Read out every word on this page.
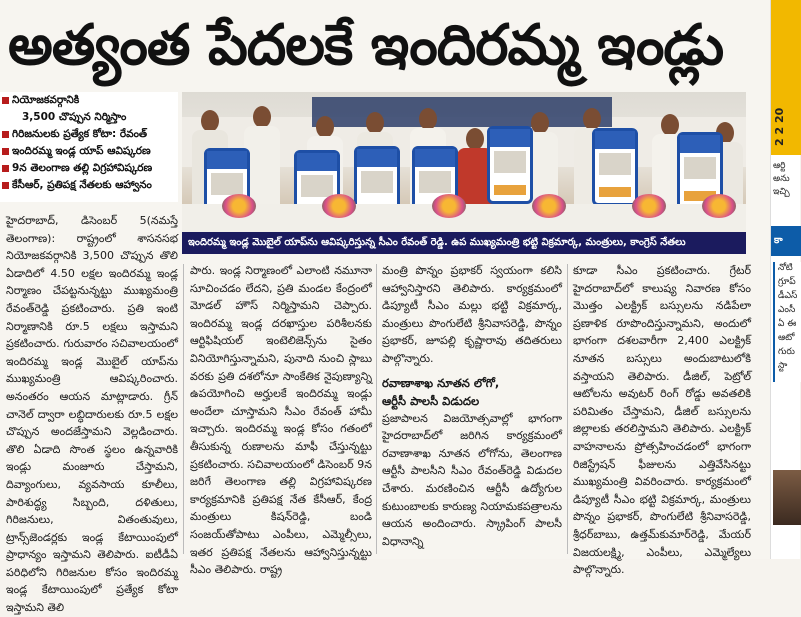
అత్యంత పేదలకే ఇందిరమ్మ ఇండ్లు
నియోజకవర్గానికి
3,500 చొప్పున నిర్మిస్తాం
గిరిజనులకు ప్రత్యేక కోటా: రేవంత్
ఇందిరమ్మ ఇండ్ల యాప్ ఆవిష్కరణ
9న తెలంగాణ తల్లి విగ్రహావిష్కరణ
కేసీఆర్, ప్రతిపక్ష నేతలకు ఆహ్వానం
ఇందిరమ్మ ఇండ్ల మొబైల్ యాప్‌ను ఆవిష్కరిస్తున్న సీఎం రేవంత్ రెడ్డి. ఉప ముఖ్యమంత్రి భట్టి విక్రమార్క, మంత్రులు, కాంగ్రెస్ నేతలు

హైదరాబాద్, డిసెంబర్ 5(నమస్తే తెలంగాణ): రాష్ట్రంలో శాసనసభ నియోజకవర్గానికి 3,500 చొప్పున తొలి ఏడాదిలో 4.50 లక్షల ఇందిరమ్మ ఇండ్ల నిర్మాణం చేపట్టనున్నట్టు ముఖ్యమంత్రి రేవంత్‌రెడ్డి ప్రకటించారు. ప్రతి ఇంటి నిర్మాణానికి రూ.5 లక్షలు ఇస్తామని ప్రకటించారు. గురువారం సచివాలయంలో ఇందిరమ్మ ఇండ్ల మొబైల్ యాప్‌ను ముఖ్యమంత్రి ఆవిష్కరించారు. అనంతరం ఆయన మాట్లాడారు. గ్రీన్ చానెల్ ద్వారా లబ్ధిదారులకు రూ.5 లక్షల చొప్పున అందజేస్తామని వెల్లడించారు. తొలి ఏడాది సొంత స్థలం ఉన్నవారికి ఇండ్లు మంజూరు చేస్తామని, దివ్యాంగులు, వ్యవసాయ కూలీలు, పారిశుద్ధ్య సిబ్బంది, దళితులు, గిరిజనులు, వితంతువులు, ట్రాన్స్‌జెండర్లకు ఇండ్ల కేటాయింపులో ప్రాధాన్యం ఇస్తామని తెలిపారు. ఐటీడీఏ పరిధిలోని గిరిజనుల కోసం ఇందిరమ్మ ఇండ్ల కేటాయింపులో ప్రత్యేక కోటా ఇస్తామని తెలి

పారు. ఇండ్ల నిర్మాణంలో ఎలాంటి నమూనా సూచించడం లేదని, ప్రతి మండల కేంద్రంలో మోడల్ హౌస్ నిర్మిస్తామని చెప్పారు. ఇందిరమ్మ ఇండ్ల దరఖాస్తుల పరిశీలనకు ఆర్టిఫిషియల్ ఇంటెలిజెన్స్‌ను సైతం వినియోగిస్తున్నామని, పునాది నుంచి స్లాబు వరకు ప్రతి దశలోనూ సాంకేతిక నైపుణ్యాన్ని ఉపయోగించి అర్హులకే ఇందిరమ్మ ఇండ్లు అందేలా చూస్తామని సీఎం రేవంత్ హామీ ఇచ్చారు. ఇందిరమ్మ ఇండ్ల కోసం గతంలో తీసుకున్న రుణాలను మాఫీ చేస్తున్నట్టు ప్రకటించారు. సచివాలయంలో డిసెంబర్ 9న జరిగే తెలంగాణ తల్లి విగ్రహావిష్కరణ కార్యక్రమానికి ప్రతిపక్ష నేత కేసీఆర్, కేంద్ర మంత్రులు కిషన్‌రెడ్డి, బండి సంజయ్‌తోపాటు ఎంపీలు, ఎమ్మెల్సీలు, ఇతర ప్రతిపక్ష నేతలను ఆహ్వానిస్తున్నట్టు సీఎం తెలిపారు. రాష్ట్ర

మంత్రి పొన్నం ప్రభాకర్ స్వయంగా కలిసి ఆహ్వానిస్తారని తెలిపారు. కార్యక్రమంలో డిప్యూటీ సీఎం మల్లు భట్టి విక్రమార్క, మంత్రులు పొంగులేటి శ్రీనివాసరెడ్డి, పొన్నం ప్రభాకర్, జూపల్లి కృష్ణారావు తదితరులు పాల్గొన్నారు.

రవాణాశాఖ నూతన లోగో,

ఆర్టీసీ పాలసీ విడుదల

ప్రజాపాలన విజయోత్సవాల్లో భాగంగా హైదరాబాద్‌లో జరిగిన కార్యక్రమంలో రవాణాశాఖ నూతన లోగోను, తెలంగాణ ఆర్టీసీ పాలసీని సీఎం రేవంత్‌రెడ్డి విడుదల చేశారు. మరణించిన ఆర్టీసీ ఉద్యోగుల కుటుంబాలకు కారుణ్య నియామకపత్రాలను ఆయన అందించారు. స్క్రాపింగ్ పాలసీ విధానాన్ని

కూడా సీఎం ప్రకటించారు. గ్రేటర్ హైదరాబాద్‌లో కాలుష్య నివారణ కోసం మొత్తం ఎలక్ట్రిక్ బస్సులను నడిపేలా ప్రణాళిక రూపొందిస్తున్నామని, అందులో భాగంగా దశలవారీగా 2,400 ఎలక్ట్రిక్ నూతన బస్సులు అందుబాటులోకి వస్తాయని తెలిపారు. డీజిల్, పెట్రోల్ ఆటోలను అవుటర్ రింగ్ రోడ్డు అవతలికి పరిమితం చేస్తామని, డీజిల్ బస్సులను జిల్లాలకు తరలిస్తామని తెలిపారు. ఎలక్ట్రిక్ వాహనాలను ప్రోత్సహించడంలో భాగంగా రిజిస్ట్రేషన్ ఫీజులను ఎత్తివేసినట్టు ముఖ్యమంత్రి వివరించారు. కార్యక్రమంలో డిప్యూటీ సీఎం భట్టి విక్రమార్క, మంత్రులు పొన్నం ప్రభాకర్, పొంగులేటి శ్రీనివాసరెడ్డి, శ్రీధర్‌బాబు, ఉత్తమ్‌కుమార్‌రెడ్డి, మేయర్ విజయలక్ష్మి, ఎంపీలు, ఎమ్మెల్యేలు పాల్గొన్నారు.

2 2 20
ఆర్టి
అను
ఇచ్చి
కా
నోటి
గ్రూప్
డీఎస్
ఎంసీ
ఏ ఈ
ఆటో
గురు
స్టా
